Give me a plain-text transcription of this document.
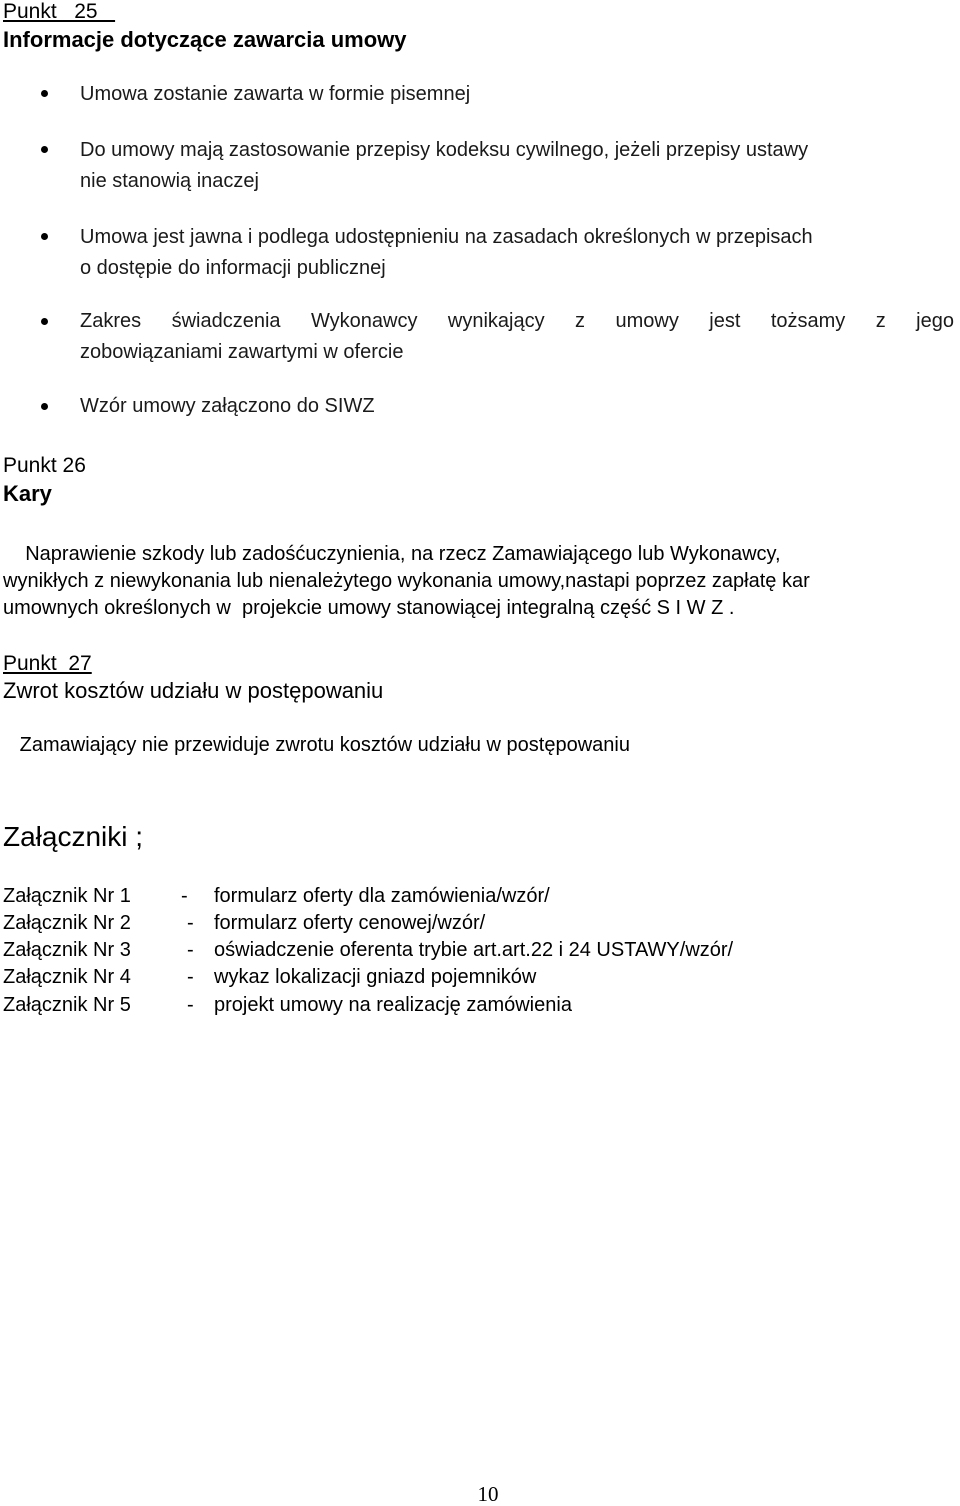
Punkt   25
Informacje dotyczące zawarcia umowy
Umowa zostanie zawarta w formie pisemnej
Do umowy mają zastosowanie przepisy kodeksu cywilnego, jeżeli przepisy ustawy
nie stanowią inaczej
Umowa jest jawna i podlega udostępnieniu na zasadach określonych w przepisach
o dostępie do informacji publicznej
Zakres świadczenia Wykonawcy wynikający z umowy jest tożsamy z jego
zobowiązaniami zawartymi w ofercie
Wzór umowy załączono do SIWZ
Punkt 26
Kary
Naprawienie szkody lub zadośćuczynienia, na rzecz Zamawiającego lub Wykonawcy,
wynikłych z niewykonania lub nienależytego wykonania umowy,nastapi poprzez zapłatę kar
umownych określonych w  projekcie umowy stanowiącej integralną część S I W Z .
Punkt  27
Zwrot kosztów udziału w postępowaniu
Zamawiający nie przewiduje zwrotu kosztów udziału w postępowaniu
Załączniki ;
Załącznik Nr 1	- formularz oferty dla zamówienia/wzór/
Załącznik Nr 2	- formularz oferty cenowej/wzór/
Załącznik Nr 3	- oświadczenie oferenta trybie art.art.22 i 24 USTAWY/wzór/
Załącznik Nr 4	- wykaz lokalizacji gniazd pojemników
Załącznik Nr 5	- projekt umowy na realizację zamówienia
10
